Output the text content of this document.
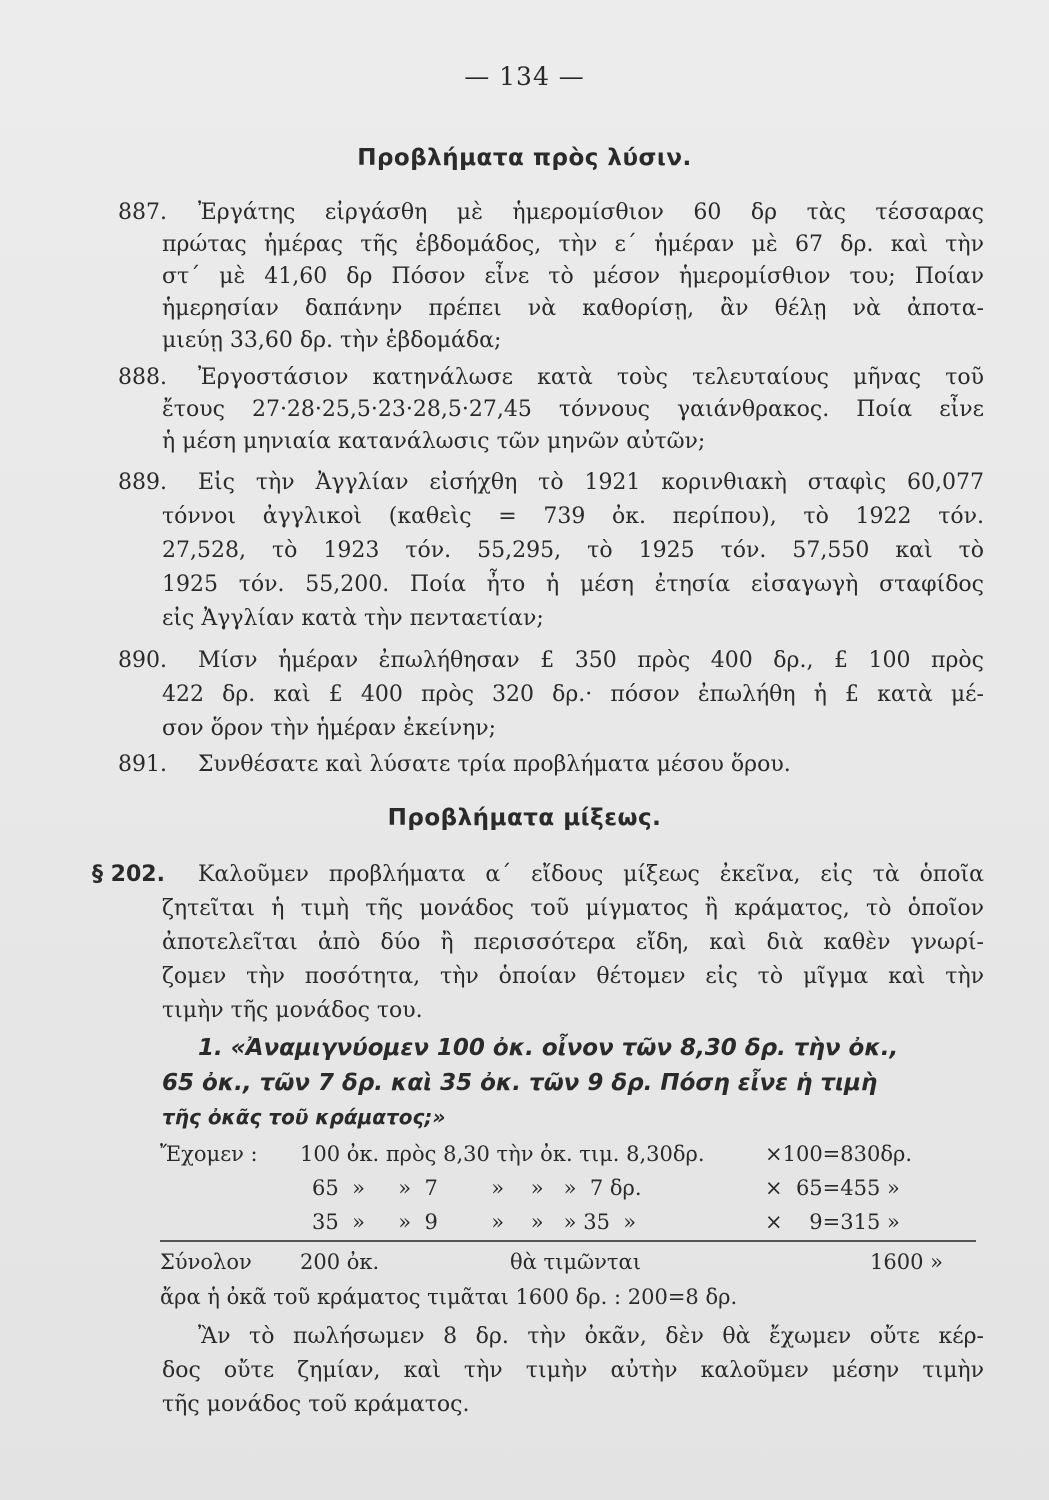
— 134 —
Προβλήματα πρὸς λύσιν.
887. Ἐργάτης εἰργάσθη μὲ ἡμερομίσθιον 60 δρ τὰς τέσσαρας
πρώτας ἡμέρας τῆς ἑβδομάδος, τὴν ε΄ ἡμέραν μὲ 67 δρ. καὶ τὴν
στ΄ μὲ 41,60 δρ Πόσον εἶνε τὸ μέσον ἡμερομίσθιον του; Ποίαν
ἡμερησίαν δαπάνην πρέπει νὰ καθορίσῃ, ἂν θέλῃ νὰ ἀποτα-
μιεύῃ 33,60 δρ. τὴν ἑβδομάδα;
888. Ἐργοστάσιον κατηνάλωσε κατὰ τοὺς τελευταίους μῆνας τοῦ
ἔτους 27·28·25,5·23·28,5·27,45 τόννους γαιάνθρακος. Ποία εἶνε
ἡ μέση μηνιαία κατανάλωσις τῶν μηνῶν αὐτῶν;
889. Εἰς τὴν Ἀγγλίαν εἰσήχθη τὸ 1921 κορινθιακὴ σταφὶς 60,077
τόννοι ἀγγλικοὶ (καθεὶς = 739 ὀκ. περίπου), τὸ 1922 τόν.
27,528, τὸ 1923 τόν. 55,295, τὸ 1925 τόν. 57,550 καὶ τὸ
1925 τόν. 55,200. Ποία ἦτο ἡ μέση ἐτησία εἰσαγωγὴ σταφίδος
εἰς Ἀγγλίαν κατὰ τὴν πενταετίαν;
890. Μίσν ἡμέραν ἐπωλήθησαν £ 350 πρὸς 400 δρ., £ 100 πρὸς
422 δρ. καὶ £ 400 πρὸς 320 δρ.· πόσον ἐπωλήθη ἡ £ κατὰ μέ-
σον ὅρον τὴν ἡμέραν ἐκείνην;
891. Συνθέσατε καὶ λύσατε τρία προβλήματα μέσου ὅρου.
Προβλήματα μίξεως.
§ 202. Καλοῦμεν προβλήματα α΄ εἴδους μίξεως ἐκεῖνα, εἰς τὰ ὁποῖα
ζητεῖται ἡ τιμὴ τῆς μονάδος τοῦ μίγματος ἢ κράματος, τὸ ὁποῖον
ἀποτελεῖται ἀπὸ δύο ἢ περισσότερα εἴδη, καὶ διὰ καθὲν γνωρί-
ζομεν τὴν ποσότητα, τὴν ὁποίαν θέτομεν εἰς τὸ μῖγμα καὶ τὴν
τιμὴν τῆς μονάδος του.
1. «Ἀναμιγνύομεν 100 ὀκ. οἶνον τῶν 8,30 δρ. τὴν ὀκ.,
65 ὀκ., τῶν 7 δρ. καὶ 35 ὀκ. τῶν 9 δρ. Πόση εἶνε ἡ τιμὴ
τῆς ὀκᾶς τοῦ κράματος;»
Ἔχομεν : 100 ὀκ. πρὸς 8,30 τὴν ὀκ. τιμ. 8,30δρ.	×100=830δρ.
65  »     »  7        »    »   »  7 δρ.	×  65=455 »
35  »     »  9        »    »   » 35  »	×    9=315 »
Σύνολον 200 ὀκ.	θὰ τιμῶνται	1600 »
ἄρα ἡ ὀκᾶ τοῦ κράματος τιμᾶται 1600 δρ. : 200=8 δρ.
Ἂν τὸ πωλήσωμεν 8 δρ. τὴν ὀκᾶν, δὲν θὰ ἔχωμεν οὔτε κέρ-
δος οὔτε ζημίαν, καὶ τὴν τιμὴν αὐτὴν καλοῦμεν μέσην τιμὴν
τῆς μονάδος τοῦ κράματος.
